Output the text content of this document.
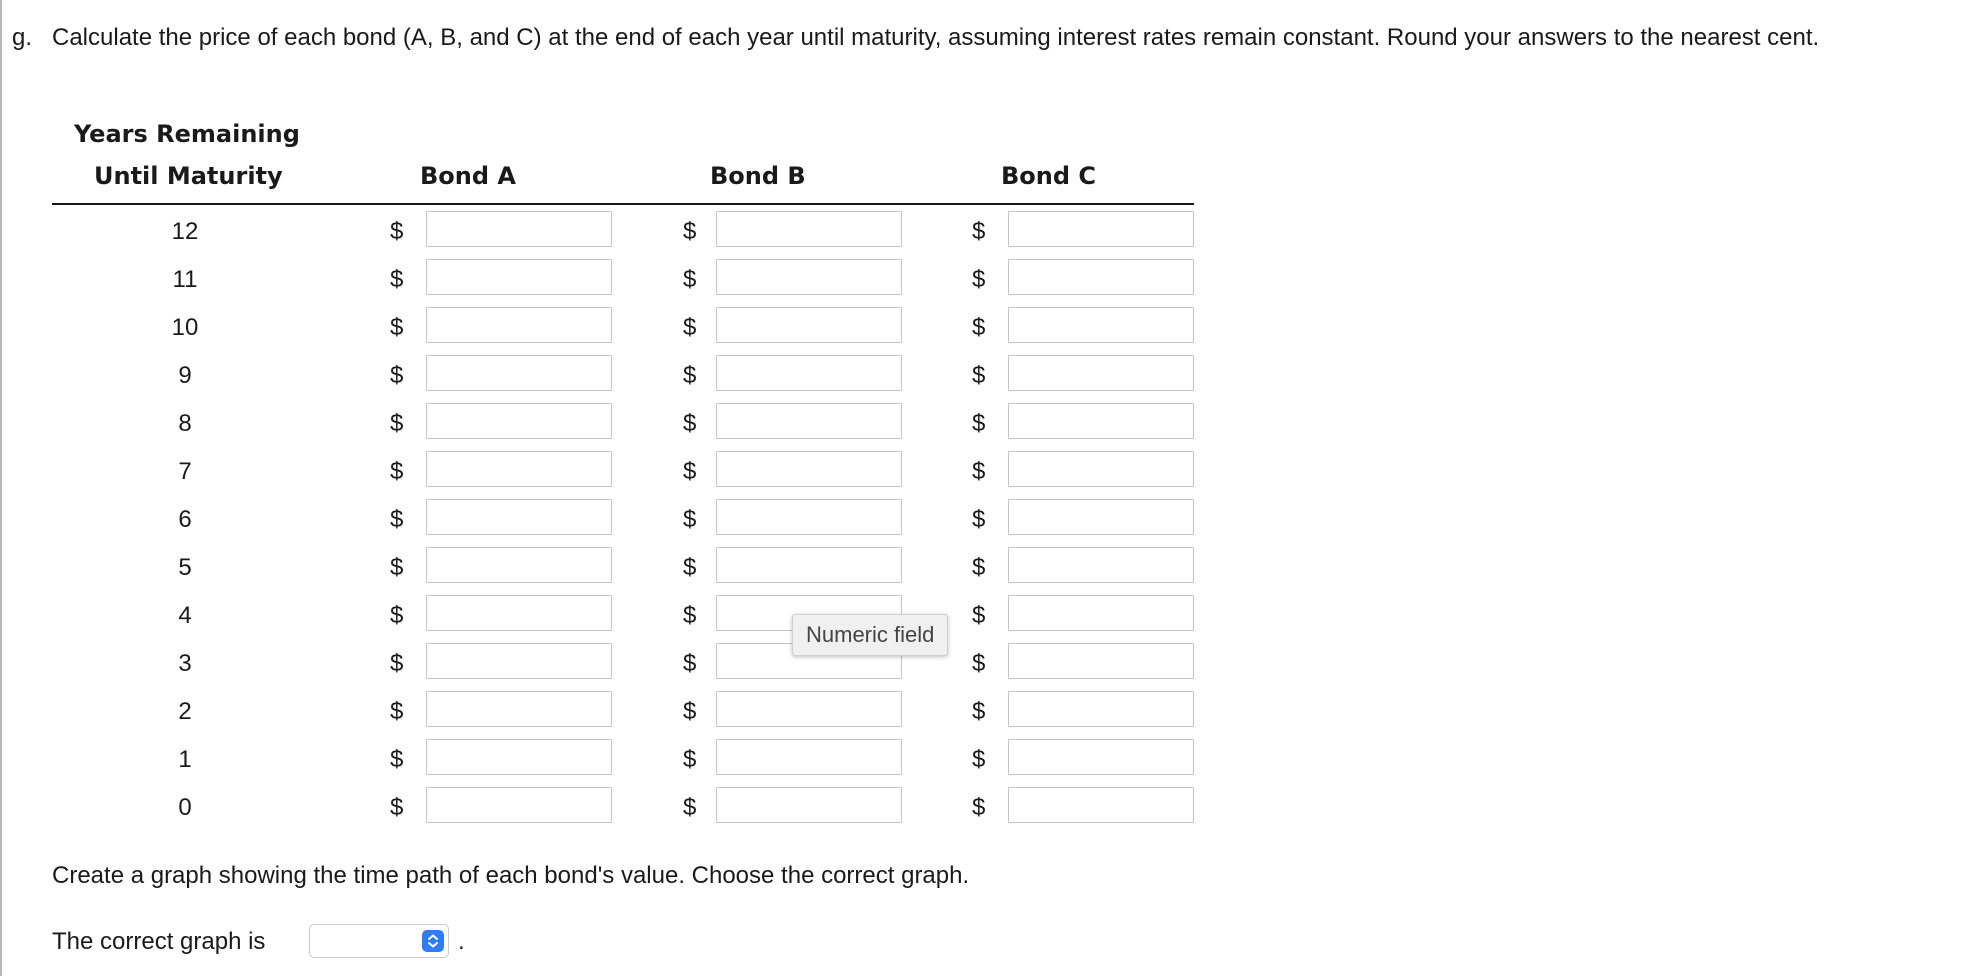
g. Calculate the price of each bond (A, B, and C) at the end of each year until maturity, assuming interest rates remain constant. Round your answers to the nearest cent.
Years Remaining
Until Maturity	Bond A	Bond B	Bond C
12	$	$	$
11	$	$	$
10	$	$	$
9	$	$	$
8	$	$	$
7	$	$	$
6	$	$	$
5	$	$	$
4	$	$	$
3	$	$	$
2	$	$	$
1	$	$	$
0	$	$	$
Numeric field
Create a graph showing the time path of each bond's value. Choose the correct graph.
The correct graph is	.
